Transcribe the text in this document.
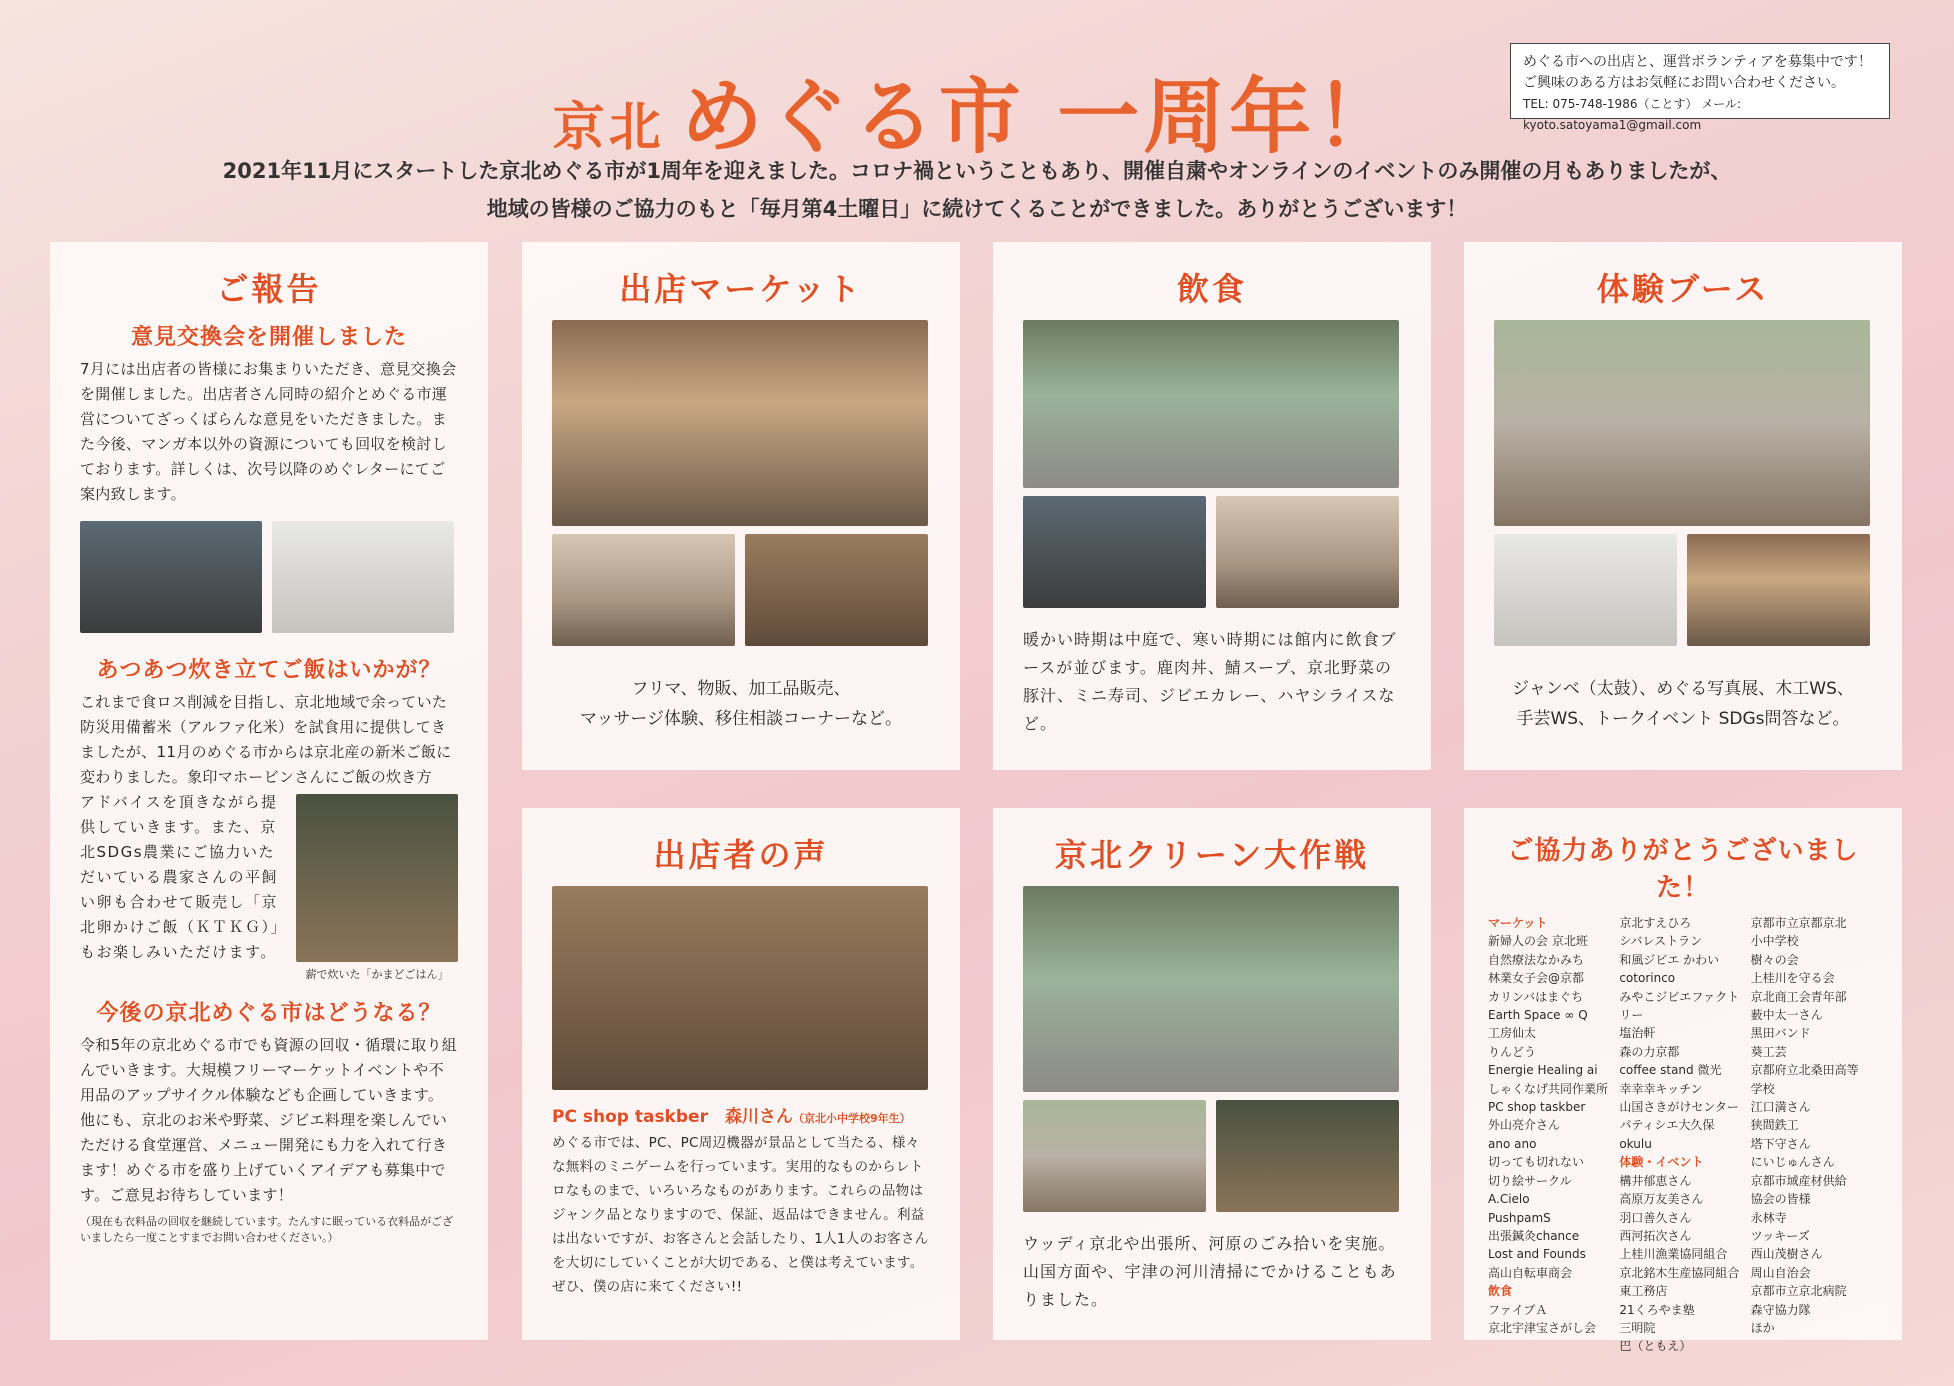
京北 めぐる市 一周年！
めぐる市への出店と、運営ボランティアを募集中です！
ご興味のある方はお気軽にお問い合わせください。
TEL: 075-748-1986（ことす） メール: kyoto.satoyama1@gmail.com
2021年11月にスタートした京北めぐる市が1周年を迎えました。コロナ禍ということもあり、開催自粛やオンラインのイベントのみ開催の月もありましたが、
地域の皆様のご協力のもと「毎月第4土曜日」に続けてくることができました。ありがとうございます！
ご報告
意見交換会を開催しました

7月には出店者の皆様にお集まりいただき、意見交換会を開催しました。出店者さん同時の紹介とめぐる市運営についてざっくばらんな意見をいただきました。また今後、マンガ本以外の資源についても回収を検討しております。詳しくは、次号以降のめぐレターにてご案内致します。

あつあつ炊き立てご飯はいかが？

これまで食ロス削減を目指し、京北地域で余っていた防災用備蓄米（アルファ化米）を試食用に提供してきましたが、11月のめぐる市からは京北産の新米ご飯に変わりました。象印マホービンさんにご飯の炊き方

アドバイスを頂きながら提供していきます。また、京北SDGs農業にご協力いただいている農家さんの平飼い卵も合わせて販売し「京北卵かけご飯（ＫＴＫＧ）」もお楽しみいただけます。

薪で炊いた「かまどごはん」
今後の京北めぐる市はどうなる？

令和5年の京北めぐる市でも資源の回収・循環に取り組んでいきます。大規模フリーマーケットイベントや不用品のアップサイクル体験なども企画していきます。他にも、京北のお米や野菜、ジビエ料理を楽しんでいただける食堂運営、メニュー開発にも力を入れて行きます！めぐる市を盛り上げていくアイデアも募集中です。ご意見お待ちしています！

（現在も衣料品の回収を継続しています。たんすに眠っている衣料品がございましたら一度ことすまでお問い合わせください。）

出店マーケット
フリマ、物販、加工品販売、
マッサージ体験、移住相談コーナーなど。
飲食

暖かい時期は中庭で、寒い時期には館内に飲食ブースが並びます。鹿肉丼、鯖スープ、京北野菜の豚汁、ミニ寿司、ジビエカレー、ハヤシライスなど。

体験ブース
ジャンベ（太鼓）、めぐる写真展、木工WS、
手芸WS、トークイベント SDGs問答など。
出店者の声
PC shop taskber　森川さん（京北小中学校9年生）

めぐる市では、PC、PC周辺機器が景品として当たる、様々な無料のミニゲームを行っています。実用的なものからレトロなものまで、いろいろなものがあります。これらの品物はジャンク品となりますので、保証、返品はできません。利益は出ないですが、お客さんと会話したり、1人1人のお客さんを大切にしていくことが大切である、と僕は考えています。ぜひ、僕の店に来てください!!

京北クリーン大作戦

ウッディ京北や出張所、河原のごみ拾いを実施。山国方面や、宇津の河川清掃にでかけることもありました。

ご協力ありがとうございました！
マーケット
新婦人の会 京北班
自然療法なかみち
林業女子会@京都
カリンバはまぐち
Earth Space ∞ Q
工房仙太
りんどう
Energie Healing ai
しゃくなげ共同作業所
PC shop taskber
外山亮介さん
ano ano
切っても切れない
切り絵サークル
A.Cielo
PushpamS
出張鍼灸chance
Lost and Founds
高山自転車商会
飲食
ファイブＡ
京北宇津宝さがし会
京北すえひろ
シバレストラン
和風ジビエ かわい
cotorinco
みやこジビエファクトリー
塩治軒
森の力京都
coffee stand 微光
幸幸幸キッチン
山国さきがけセンター
パティシエ大久保
okulu
体験・イベント
構井郁恵さん
高原万友美さん
羽口善久さん
西河拓次さん
上桂川漁業協同組合
京北銘木生産協同組合
東工務店
21くろやま塾
三明院
巴（ともえ）
京都市立京都京北
小中学校
樹々の会
上桂川を守る会
京北商工会青年部
薮中太一さん
黒田バンド
葵工芸
京都府立北桑田高等
学校
江口満さん
狭間鉄工
塔下守さん
にいじゅんさん
京都市域産材供給
協会の皆様
永林寺
ツッキーズ
西山茂樹さん
周山自治会
京都市立京北病院
森守協力隊
ほか
